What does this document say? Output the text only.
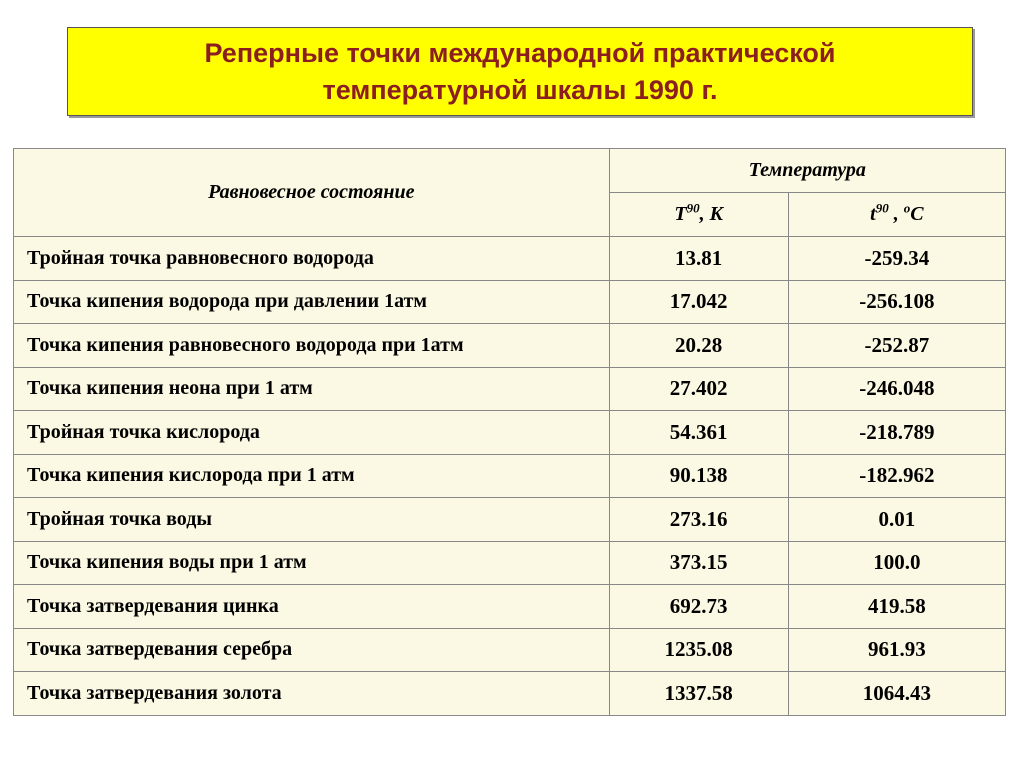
Реперные точки международной практической
температурной шкалы 1990 г.
Равновесное состояние	Температура	
	$T^{90}$, K	$t^{90}$ , $^o$C
Тройная точка равновесного водорода	13.81	-259.34
Точка кипения водорода при давлении 1атм	17.042	-256.108
Точка кипения равновесного водорода при 1атм	20.28	-252.87
Точка кипения неона при 1 атм	27.402	-246.048
Тройная точка кислорода	54.361	-218.789
Точка кипения кислорода при 1 атм	90.138	-182.962
Тройная точка воды	273.16	0.01
Точка кипения воды при 1 атм	373.15	100.0
Точка затвердевания цинка	692.73	419.58
Точка затвердевания серебра	1235.08	961.93
Точка затвердевания золота	1337.58	1064.43
